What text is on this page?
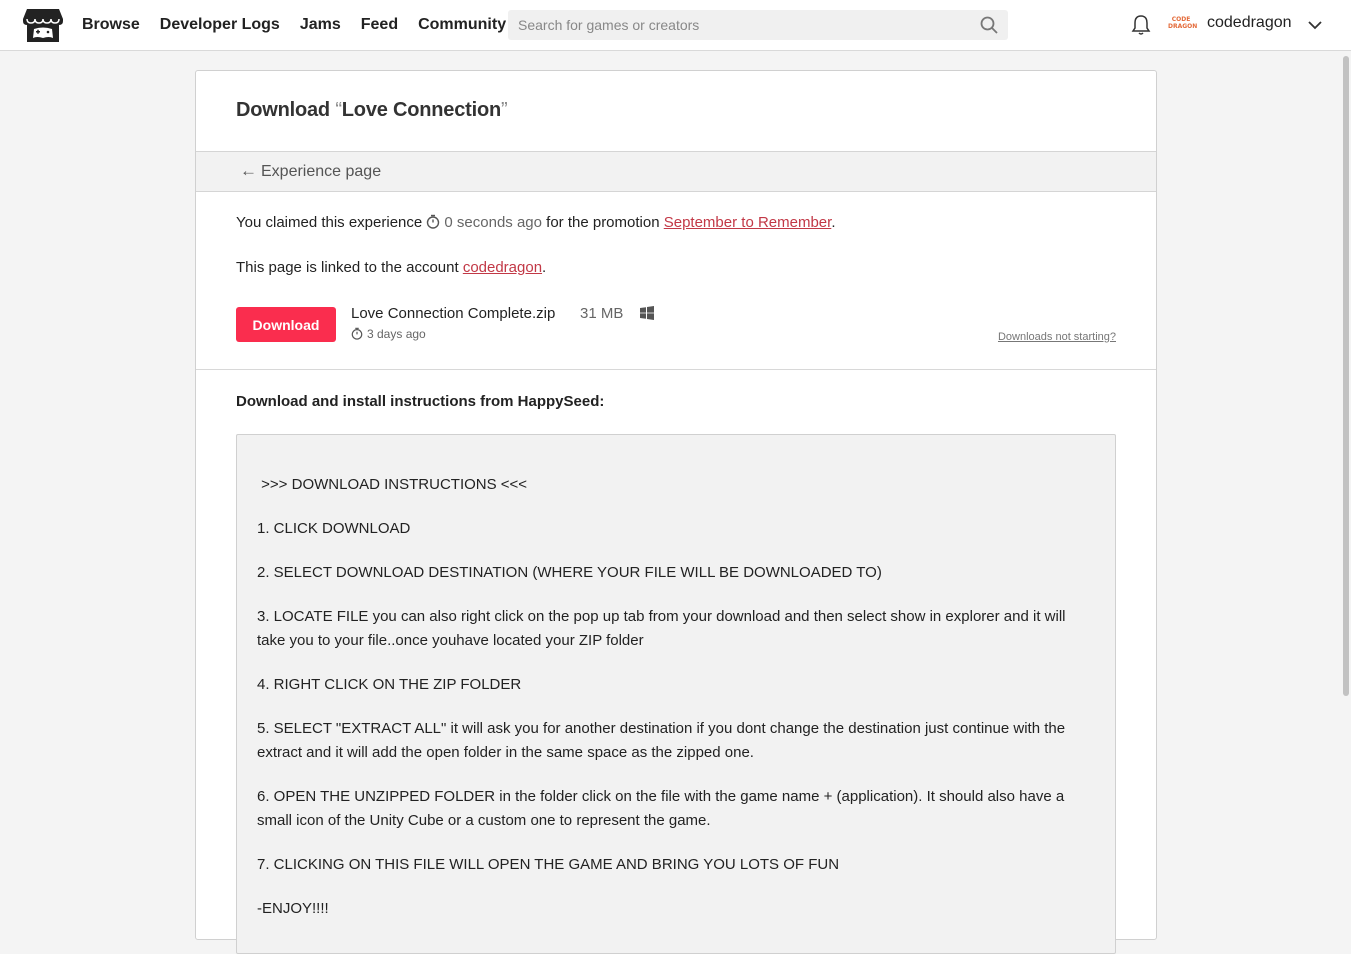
Browse Developer Logs Jams Feed Community
Search for games or creators	CODE DRAGON codedragon
Download “Love Connection”
← Experience page
You claimed this experience 0 seconds ago for the promotion September to Remember.
This page is linked to the account codedragon.
Download
Love Connection Complete.zip 31 MB
3 days ago	Downloads not starting?
Download and install instructions from HappySeed:

>>> DOWNLOAD INSTRUCTIONS <<<

1. CLICK DOWNLOAD

2. SELECT DOWNLOAD DESTINATION (WHERE YOUR FILE WILL BE DOWNLOADED TO)

3. LOCATE FILE you can also right click on the pop up tab from your download and then select show in explorer and it will take you to your file..once youhave located your ZIP folder

4. RIGHT CLICK ON THE ZIP FOLDER

5. SELECT "EXTRACT ALL" it will ask you for another destination if you dont change the destination just continue with the extract and it will add the open folder in the same space as the zipped one.

6. OPEN THE UNZIPPED FOLDER in the folder click on the file with the game name + (application). It should also have a small icon of the Unity Cube or a custom one to represent the game.

7. CLICKING ON THIS FILE WILL OPEN THE GAME AND BRING YOU LOTS OF FUN

-ENJOY!!!!
